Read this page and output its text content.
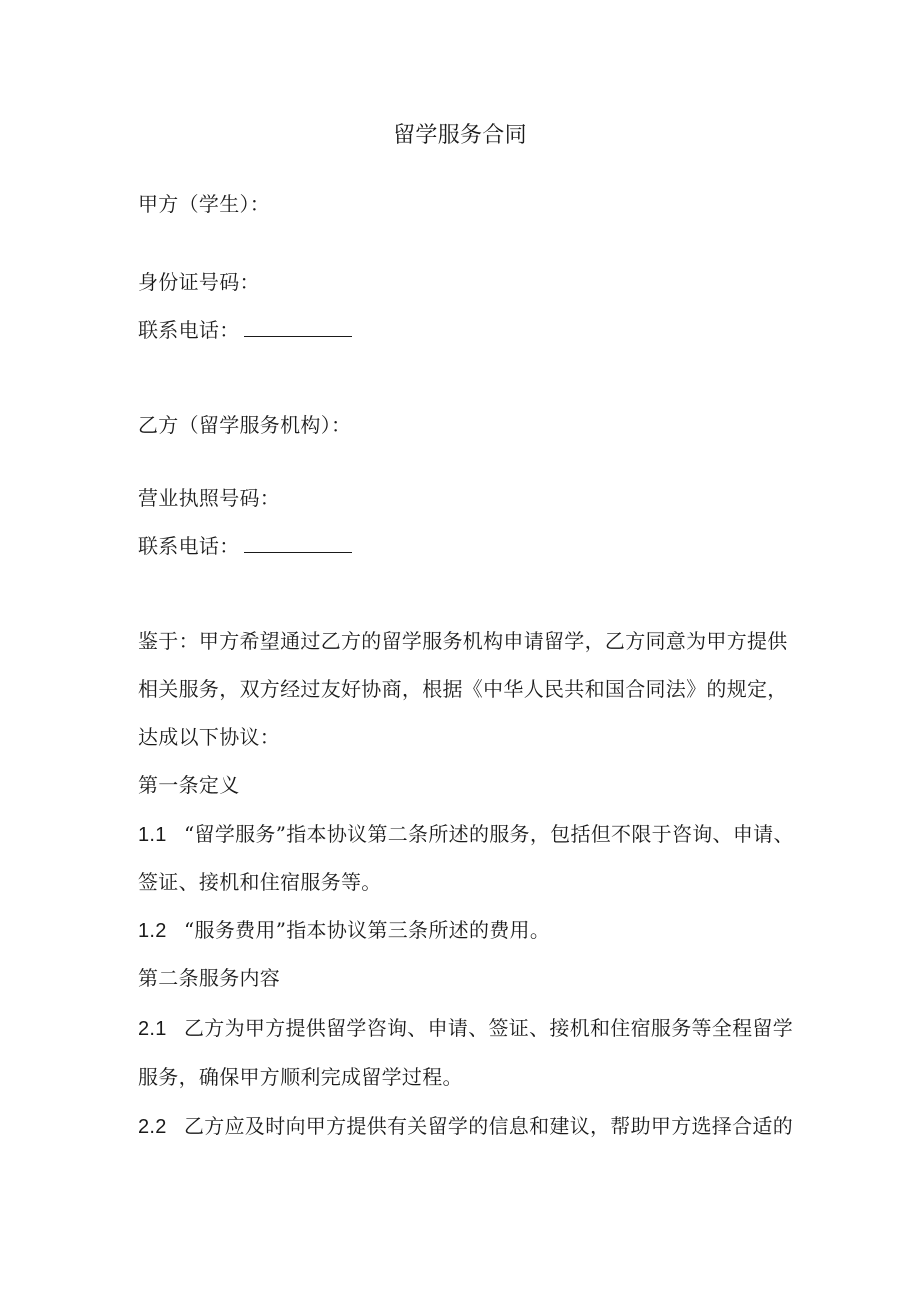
留学服务合同
甲方（学生）：
身份证号码：
联系电话：
乙方（留学服务机构）：
营业执照号码：
联系电话：
鉴于：甲方希望通过乙方的留学服务机构申请留学，乙方同意为甲方提供
相关服务，双方经过友好协商，根据《中华人民共和国合同法》的规定，
达成以下协议：
第一条定义
1.1 “留学服务”指本协议第二条所述的服务，包括但不限于咨询、申请、
签证、接机和住宿服务等。
1.2 “服务费用”指本协议第三条所述的费用。
第二条服务内容
2.1 乙方为甲方提供留学咨询、申请、签证、接机和住宿服务等全程留学
服务，确保甲方顺利完成留学过程。
2.2 乙方应及时向甲方提供有关留学的信息和建议，帮助甲方选择合适的
